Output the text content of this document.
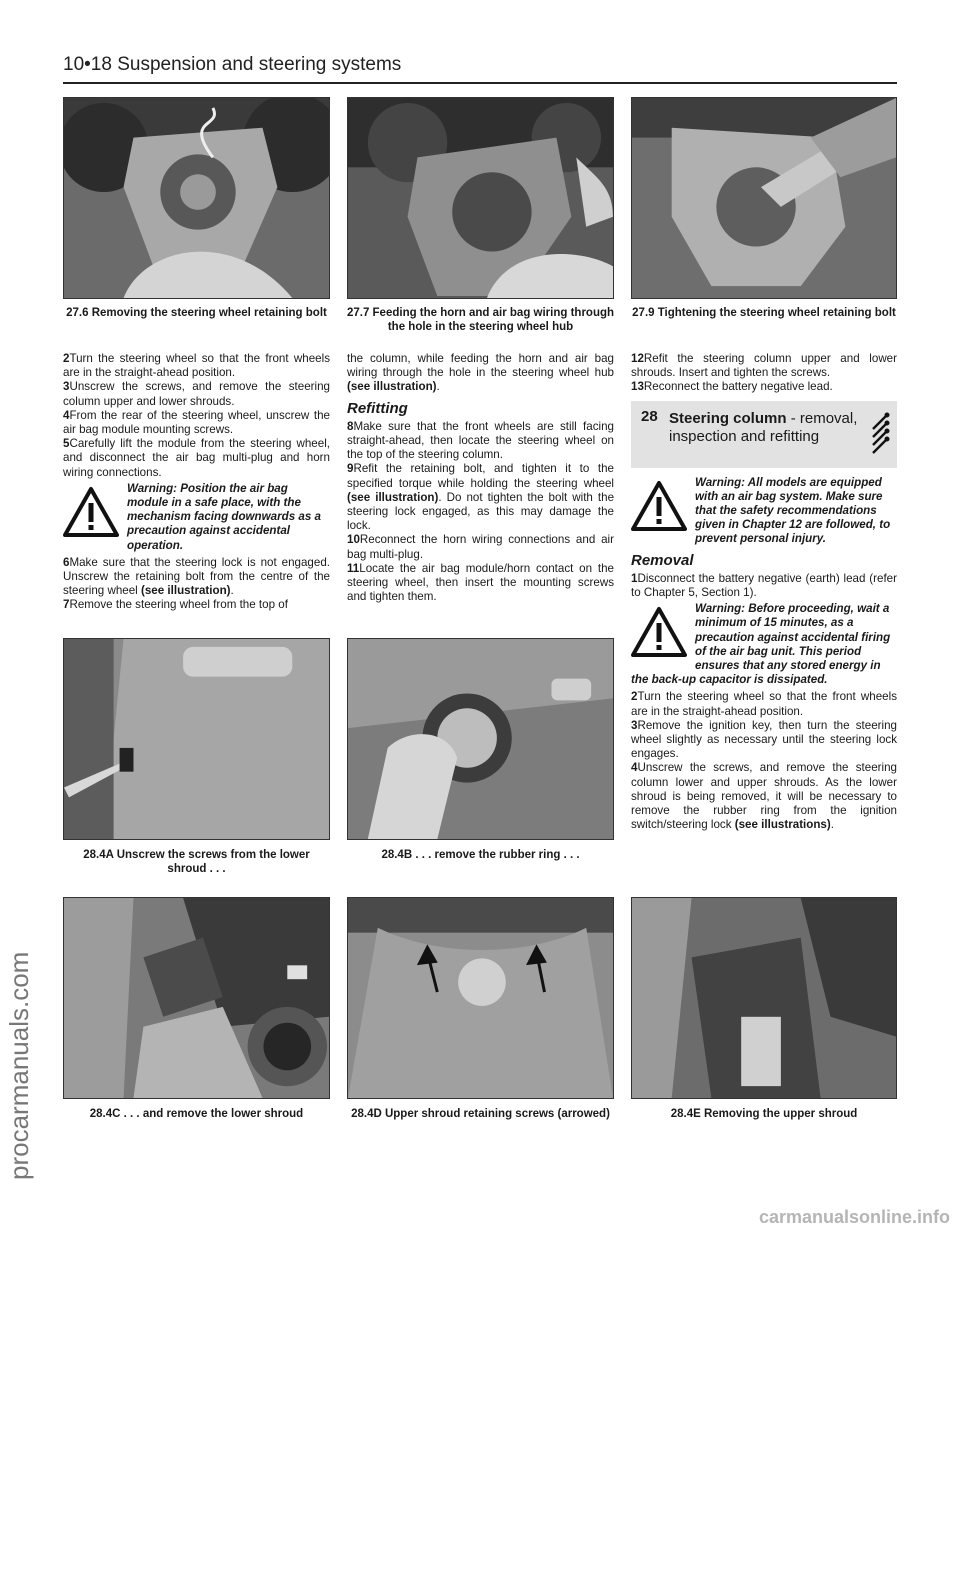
10•18 Suspension and steering systems
27.6 Removing the steering wheel retaining bolt	27.7 Feeding the horn and air bag wiring through the hole in the steering wheel hub
27.9 Tightening the steering wheel retaining bolt

2Turn the steering wheel so that the front wheels are in the straight-ahead position.

3Unscrew the screws, and remove the steering column upper and lower shrouds.

4From the rear of the steering wheel, unscrew the air bag module mounting screws.

5Carefully lift the module from the steering wheel, and disconnect the air bag multi-plug and horn wiring connections.

Warning: Position the air bag module in a safe place, with the mechanism facing downwards as a precaution against accidental operation.

6Make sure that the steering lock is not engaged. Unscrew the retaining bolt from the centre of the steering wheel (see illustration).

7Remove the steering wheel from the top of

the column, while feeding the horn and air bag wiring through the hole in the steering wheel hub (see illustration).

Refitting

8Make sure that the front wheels are still facing straight-ahead, then locate the steering wheel on the top of the steering column.

9Refit the retaining bolt, and tighten it to the specified torque while holding the steering wheel (see illustration). Do not tighten the bolt with the steering lock engaged, as this may damage the lock.

10Reconnect the horn wiring connections and air bag multi-plug.

11Locate the air bag module/horn contact on the steering wheel, then insert the mounting screws and tighten them.

12Refit the steering column upper and lower shrouds. Insert and tighten the screws.

13Reconnect the battery negative lead.

28 Steering column - removal, inspection and refitting
Warning: All models are equipped with an air bag system. Make sure that the safety recommendations given in Chapter 12 are followed, to prevent personal injury.
Removal

1Disconnect the battery negative (earth) lead (refer to Chapter 5, Section 1).

Warning: Before proceeding, wait a minimum of 15 minutes, as a precaution against accidental firing of the air bag unit. This period ensures that any stored energy in the back-up capacitor is dissipated.

2Turn the steering wheel so that the front wheels are in the straight-ahead position.

3Remove the ignition key, then turn the steering wheel slightly as necessary until the steering lock engages.

4Unscrew the screws, and remove the steering column lower and upper shrouds. As the lower shroud is being removed, it will be necessary to remove the rubber ring from the ignition switch/steering lock (see illustrations).

28.4A Unscrew the screws from the lower shroud . . .
28.4B . . . remove the rubber ring . . .
28.4C . . . and remove the lower shroud	28.4D Upper shroud retaining screws (arrowed)	28.4E Removing the upper shroud
procarmanuals.com
carmanualsonline.info
